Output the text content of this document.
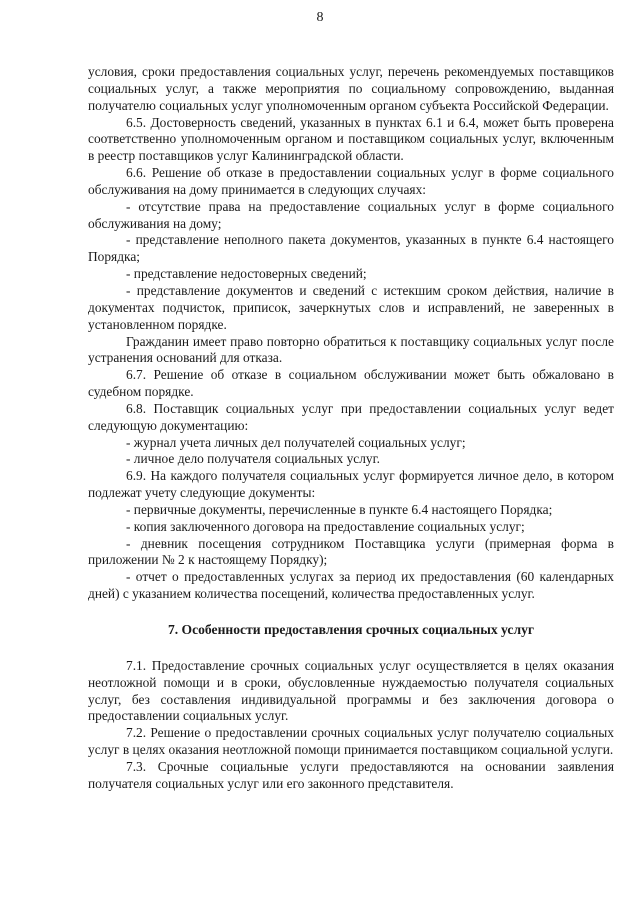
8

условия, сроки предоставления социальных услуг, перечень рекомендуемых поставщиков социальных услуг, а также мероприятия по социальному сопровождению, выданная получателю социальных услуг уполномоченным органом субъекта Российской Федерации.

6.5. Достоверность сведений, указанных в пунктах 6.1 и 6.4, может быть проверена соответственно уполномоченным органом и поставщиком социальных услуг, включенным в реестр поставщиков услуг Калининградской области.

6.6. Решение об отказе в предоставлении социальных услуг в форме социального обслуживания на дому принимается в следующих случаях:

- отсутствие права на предоставление социальных услуг в форме социального обслуживания на дому;

- представление неполного пакета документов, указанных в пункте 6.4 настоящего Порядка;

- представление недостоверных сведений;

- представление документов и сведений с истекшим сроком действия, наличие в документах подчисток, приписок, зачеркнутых слов и исправлений, не заверенных в установленном порядке.

Гражданин имеет право повторно обратиться к поставщику социальных услуг после устранения оснований для отказа.

6.7. Решение об отказе в социальном обслуживании может быть обжаловано в судебном порядке.

6.8. Поставщик социальных услуг при предоставлении социальных услуг ведет следующую документацию:

- журнал учета личных дел получателей социальных услуг;

- личное дело получателя социальных услуг.

6.9. На каждого получателя социальных услуг формируется личное дело, в котором подлежат учету следующие документы:

- первичные документы, перечисленные в пункте 6.4 настоящего Порядка;

- копия заключенного договора на предоставление социальных услуг;

- дневник посещения сотрудником Поставщика услуги (примерная форма в приложении № 2 к настоящему Порядку);

- отчет о предоставленных услугах за период их предоставления (60 календарных дней) с указанием количества посещений, количества предоставленных услуг.

7. Особенности предоставления срочных социальных услуг

7.1. Предоставление срочных социальных услуг осуществляется в целях оказания неотложной помощи и в сроки, обусловленные нуждаемостью получателя социальных услуг, без составления индивидуальной программы и без заключения договора о предоставлении социальных услуг.

7.2. Решение о предоставлении срочных социальных услуг получателю социальных услуг в целях оказания неотложной помощи принимается поставщиком социальной услуги.

7.3. Срочные социальные услуги предоставляются на основании заявления получателя социальных услуг или его законного представителя.
